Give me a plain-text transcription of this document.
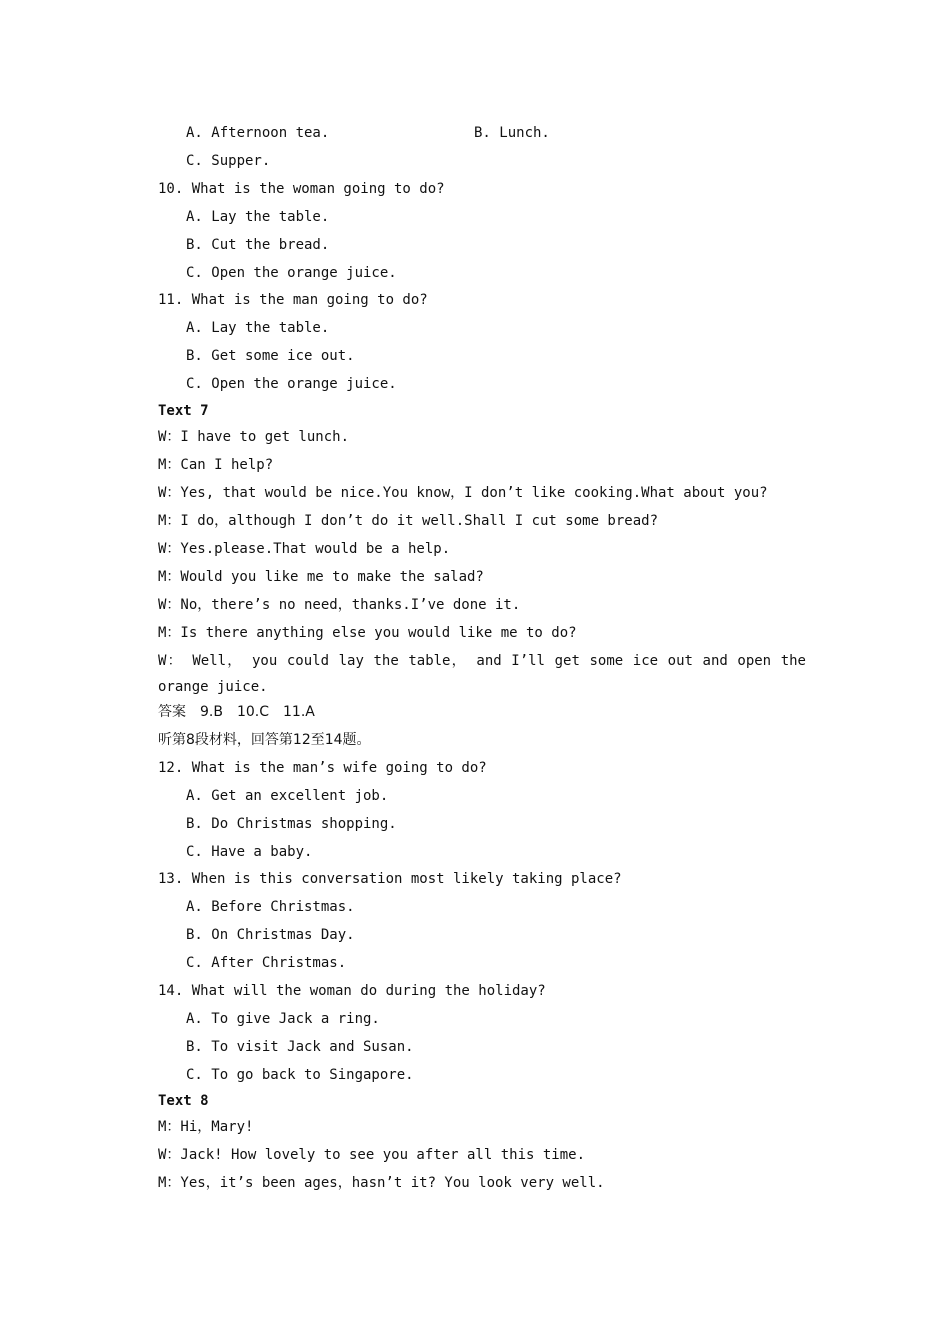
A. Afternoon tea.	B. Lunch.
C. Supper.
10. What is the woman going to do?
A. Lay the table.
B. Cut the bread.
C. Open the orange juice.
11. What is the man going to do?
A. Lay the table.
B. Get some ice out.
C. Open the orange juice.
Text 7
W：I have to get lunch.
M：Can I help?
W：Yes, that would be nice.You know，I don’t like cooking.What about you?
M：I do，although I don’t do it well.Shall I cut some bread?
W：Yes.please.That would be a help.
M：Would you like me to make the salad?
W：No，there’s no need，thanks.I’ve done it.
M：Is there anything else you would like me to do?
W： Well， you could lay the table， and I’ll get some ice out and open the
orange juice.
答案　9.B　10.C　11.A
听第8段材料，回答第12至14题。
12. What is the man’s wife going to do?
A. Get an excellent job.
B. Do Christmas shopping.
C. Have a baby.
13. When is this conversation most likely taking place?
A. Before Christmas.
B. On Christmas Day.
C. After Christmas.
14. What will the woman do during the holiday?
A. To give Jack a ring.
B. To visit Jack and Susan.
C. To go back to Singapore.
Text 8
M：Hi，Mary!
W：Jack! How lovely to see you after all this time.
M：Yes，it’s been ages，hasn’t it? You look very well.
